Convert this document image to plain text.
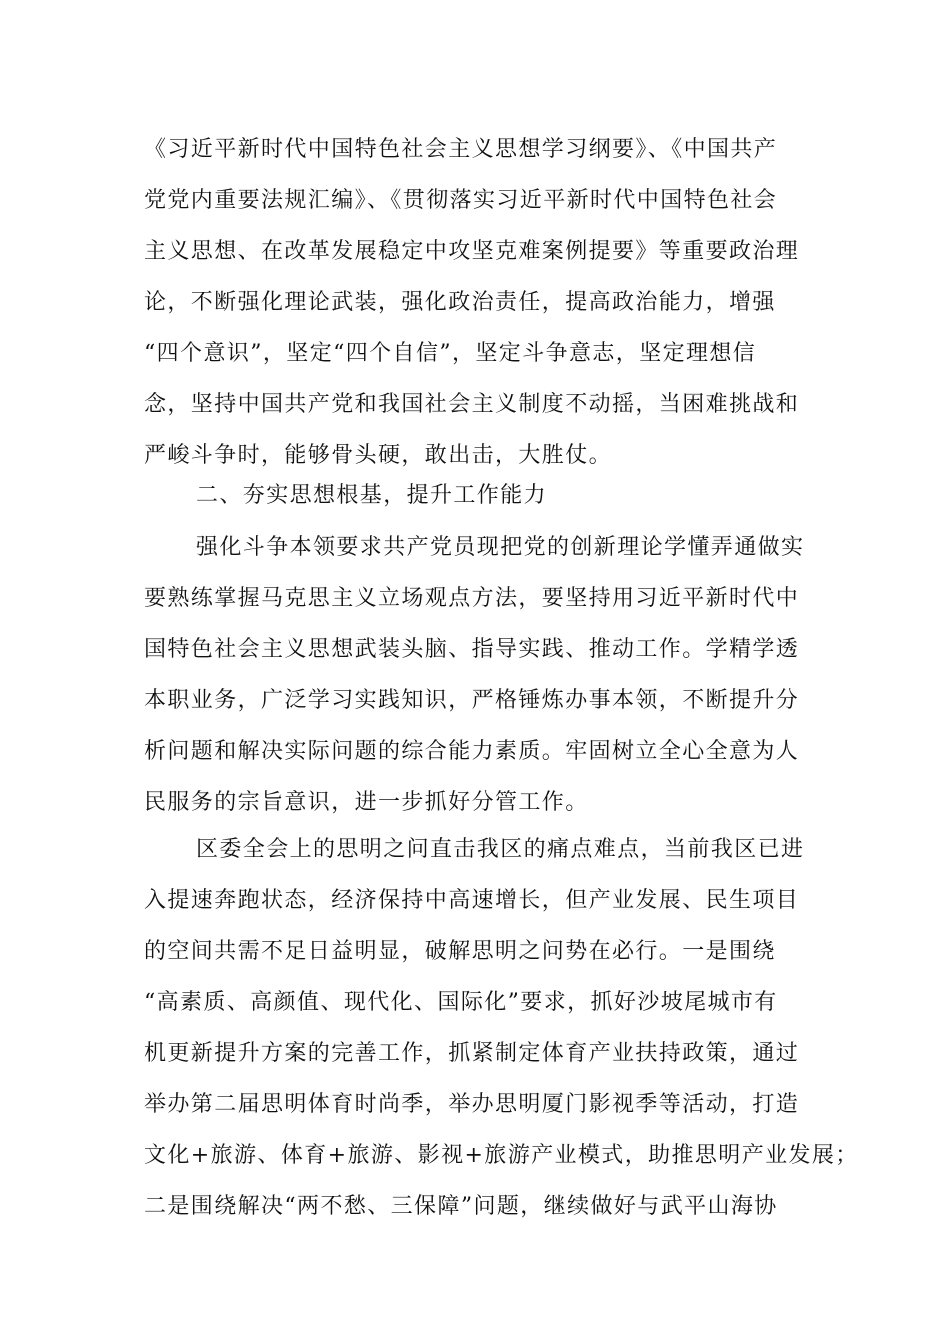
《习近平新时代中国特色社会主义思想学习纲要》、《中国共产
党党内重要法规汇编》、《贯彻落实习近平新时代中国特色社会
主义思想、在改革发展稳定中攻坚克难案例提要》等重要政治理
论，不断强化理论武装，强化政治责任，提高政治能力，增强
“四个意识”，坚定“四个自信”，坚定斗争意志，坚定理想信
念，坚持中国共产党和我国社会主义制度不动摇，当困难挑战和
严峻斗争时，能够骨头硬，敢出击，大胜仗。
二、夯实思想根基，提升工作能力
强化斗争本领要求共产党员现把党的创新理论学懂弄通做实
要熟练掌握马克思主义立场观点方法，要坚持用习近平新时代中
国特色社会主义思想武装头脑、指导实践、推动工作。学精学透
本职业务，广泛学习实践知识，严格锤炼办事本领，不断提升分
析问题和解决实际问题的综合能力素质。牢固树立全心全意为人
民服务的宗旨意识，进一步抓好分管工作。
区委全会上的思明之问直击我区的痛点难点，当前我区已进
入提速奔跑状态，经济保持中高速增长，但产业发展、民生项目
的空间共需不足日益明显，破解思明之问势在必行。一是围绕
“高素质、高颜值、现代化、国际化”要求，抓好沙坡尾城市有
机更新提升方案的完善工作，抓紧制定体育产业扶持政策，通过
举办第二届思明体育时尚季，举办思明厦门影视季等活动，打造
文化+旅游、体育+旅游、影视+旅游产业模式，助推思明产业发展；
二是围绕解决“两不愁、三保障”问题，继续做好与武平山海协
